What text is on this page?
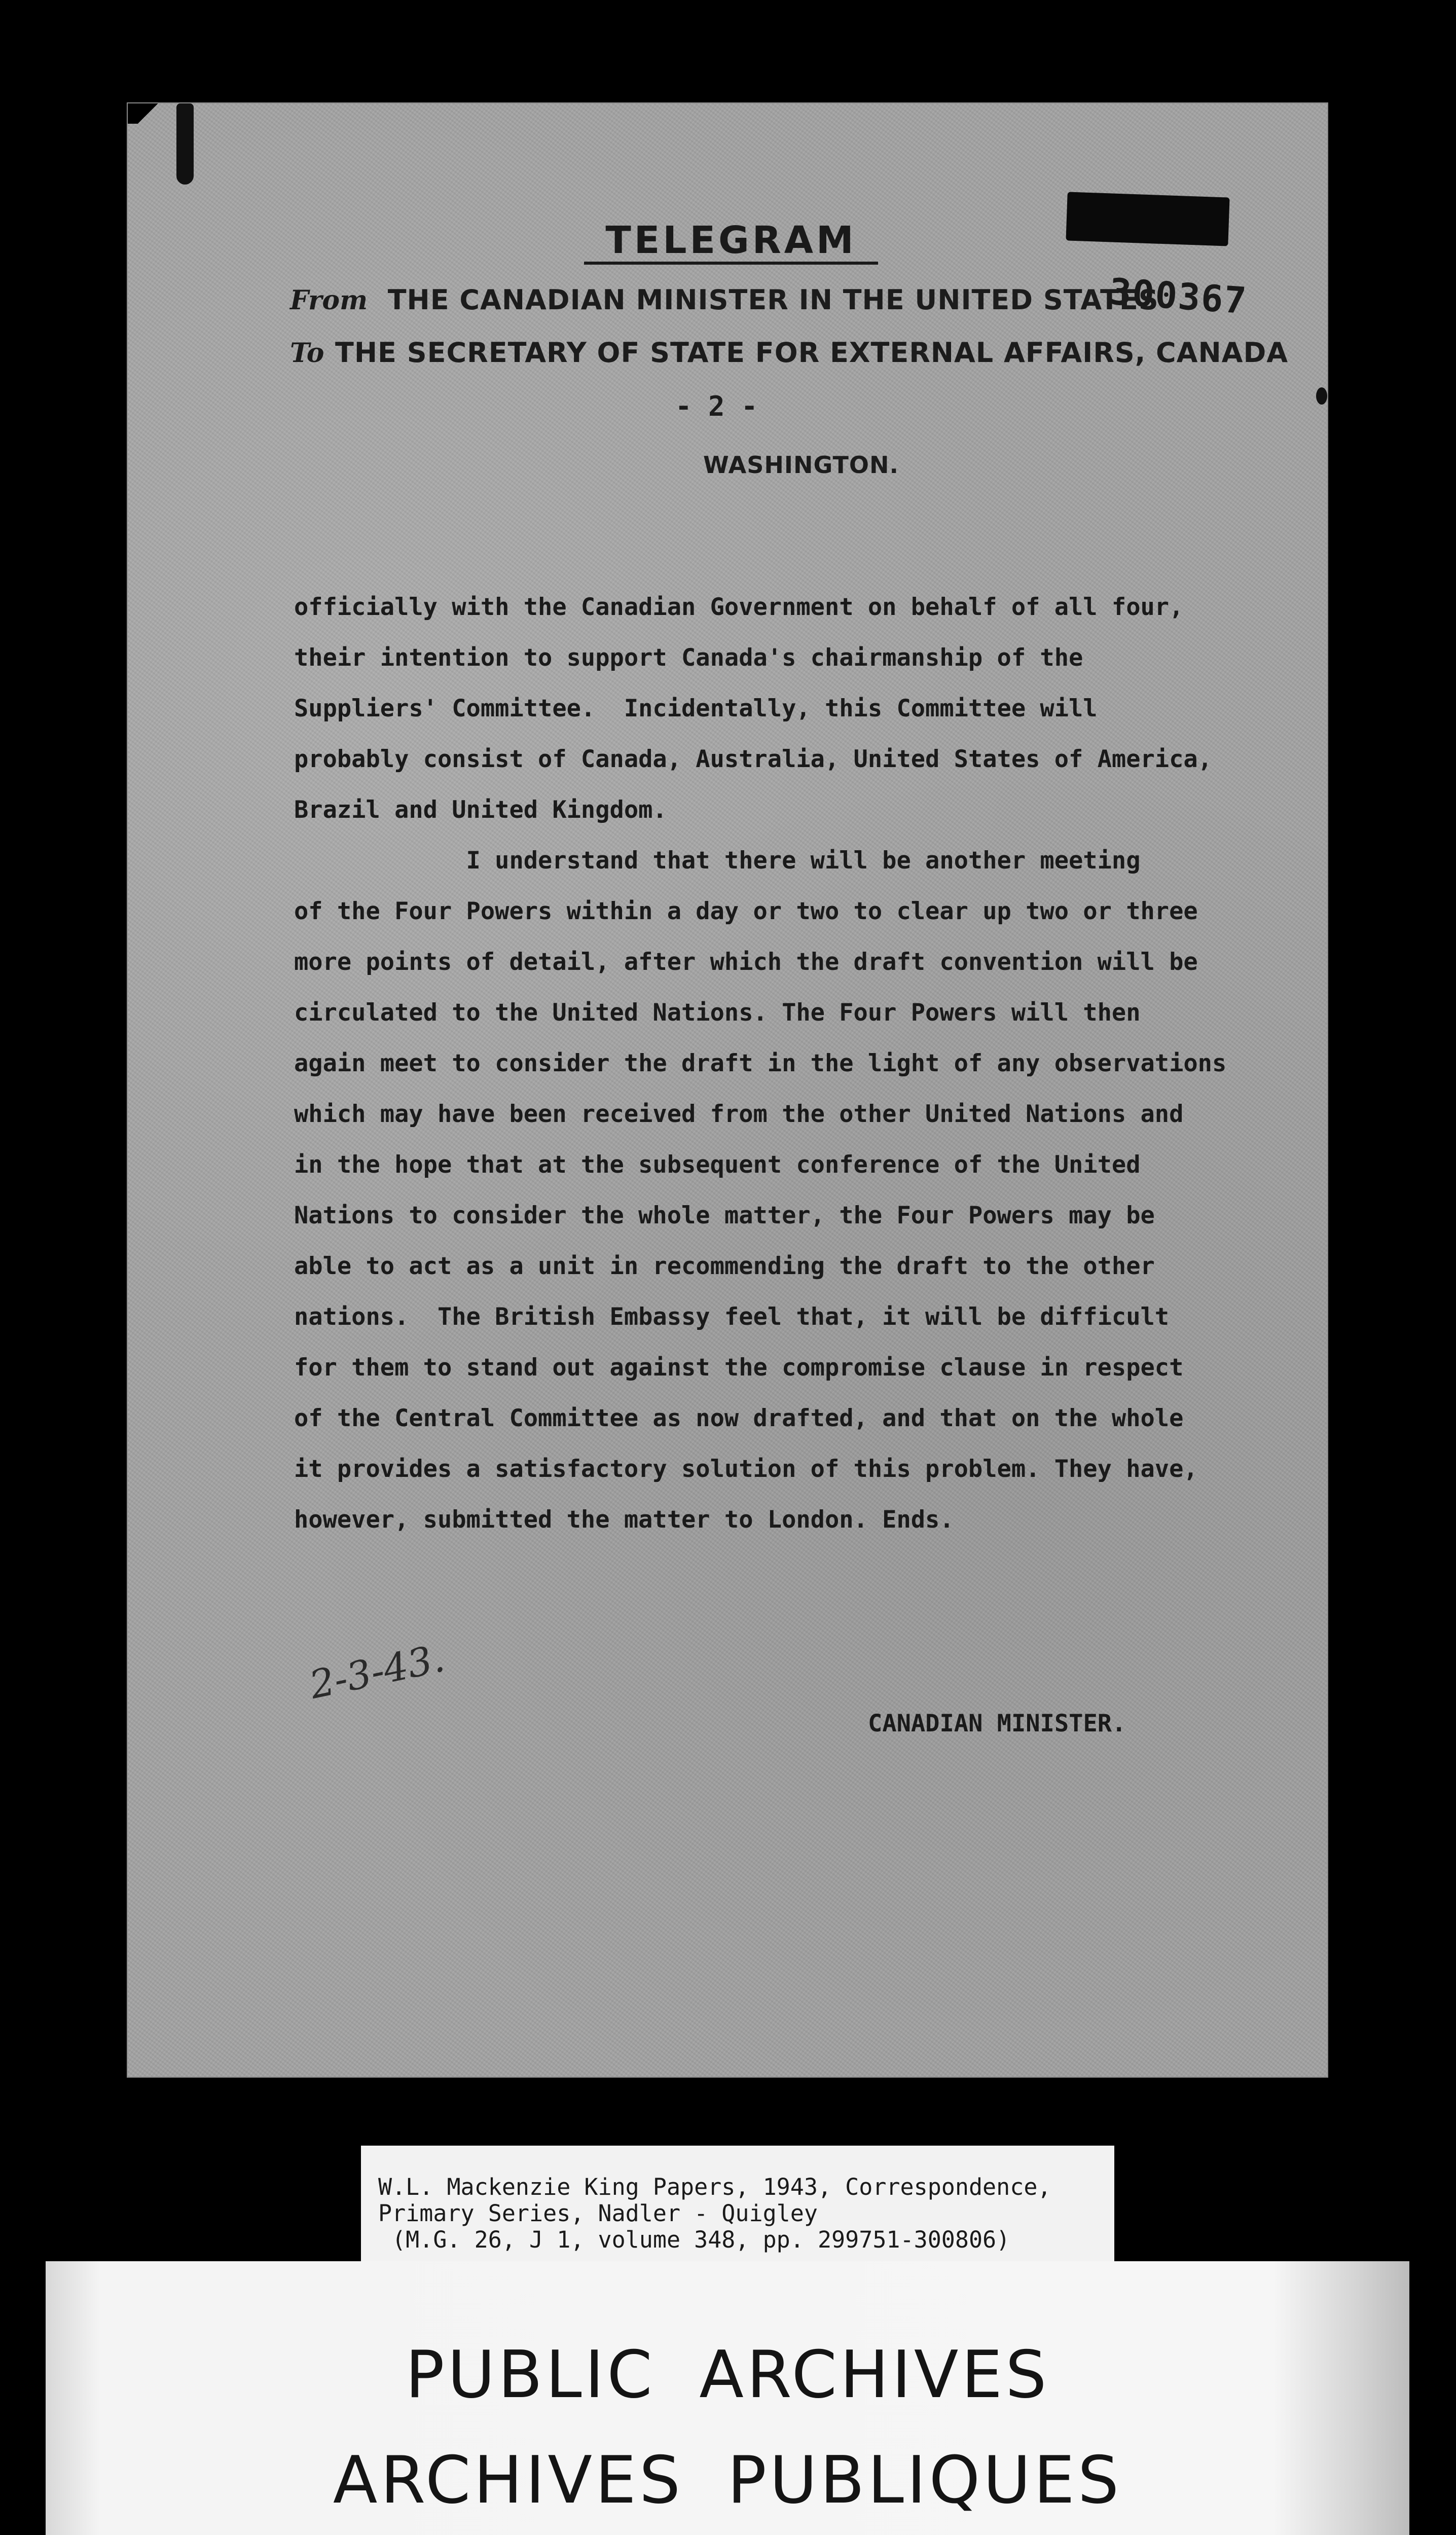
TELEGRAM
300367
From THE CANADIAN MINISTER IN THE UNITED STATES
To THE SECRETARY OF STATE FOR EXTERNAL AFFAIRS, CANADA
- 2 -
WASHINGTON.
officially with the Canadian Government on behalf of all four,
their intention to support Canada's chairmanship of the
Suppliers' Committee.  Incidentally, this Committee will
probably consist of Canada, Australia, United States of America,
Brazil and United Kingdom.
I understand that there will be another meeting
of the Four Powers within a day or two to clear up two or three
more points of detail, after which the draft convention will be
circulated to the United Nations. The Four Powers will then
again meet to consider the draft in the light of any observations
which may have been received from the other United Nations and
in the hope that at the subsequent conference of the United
Nations to consider the whole matter, the Four Powers may be
able to act as a unit in recommending the draft to the other
nations.  The British Embassy feel that, it will be difficult
for them to stand out against the compromise clause in respect
of the Central Committee as now drafted, and that on the whole
it provides a satisfactory solution of this problem. They have,
however, submitted the matter to London. Ends.
2-3-43.
CANADIAN MINISTER.
W.L. Mackenzie King Papers, 1943, Correspondence,
Primary Series, Nadler - Quigley
(M.G. 26, J 1, volume 348, pp. 299751-300806)
PUBLIC ARCHIVES
ARCHIVES PUBLIQUES
